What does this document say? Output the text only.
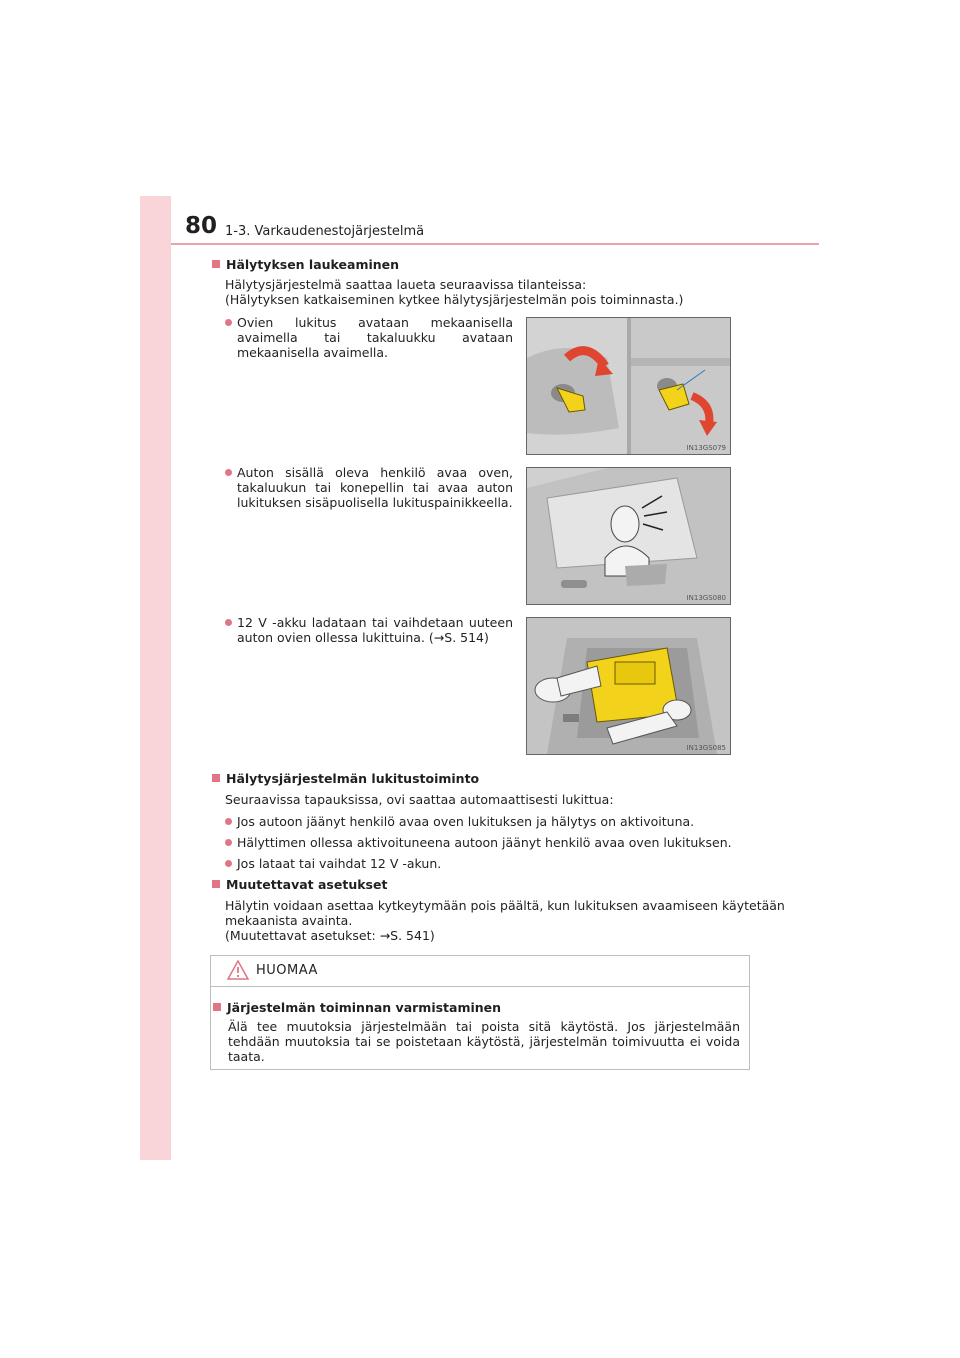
80 1-3. Varkaudenestojärjestelmä
Hälytyksen laukeaminen
Hälytysjärjestelmä saattaa laueta seuraavissa tilanteissa:
(Hälytyksen katkaiseminen kytkee hälytysjärjestelmän pois toiminnasta.)
Ovien lukitus avataan mekaanisella avaimella tai takaluukku avataan mekaanisella avaimella.
Auton sisällä oleva henkilö avaa oven, takaluukun tai konepellin tai avaa auton lukituksen sisäpuolisella lukituspainikkeella.
12 V -akku ladataan tai vaihdetaan uuteen auton ovien ollessa lukittuina. (→S. 514)
IN13GS079
IN13GS080
IN13GS085
Hälytysjärjestelmän lukitustoiminto
Seuraavissa tapauksissa, ovi saattaa automaattisesti lukittua:
Jos autoon jäänyt henkilö avaa oven lukituksen ja hälytys on aktivoituna.
Hälyttimen ollessa aktivoituneena autoon jäänyt henkilö avaa oven lukituksen.
Jos lataat tai vaihdat 12 V -akun.
Muutettavat asetukset
Hälytin voidaan asettaa kytkeytymään pois päältä, kun lukituksen avaamiseen käytetään
mekaanista avainta.
(Muutettavat asetukset: →S. 541)
HUOMAA
Järjestelmän toiminnan varmistaminen
Älä tee muutoksia järjestelmään tai poista sitä käytöstä. Jos järjestelmään tehdään muutoksia tai se poistetaan käytöstä, järjestelmän toimivuutta ei voida taata.
